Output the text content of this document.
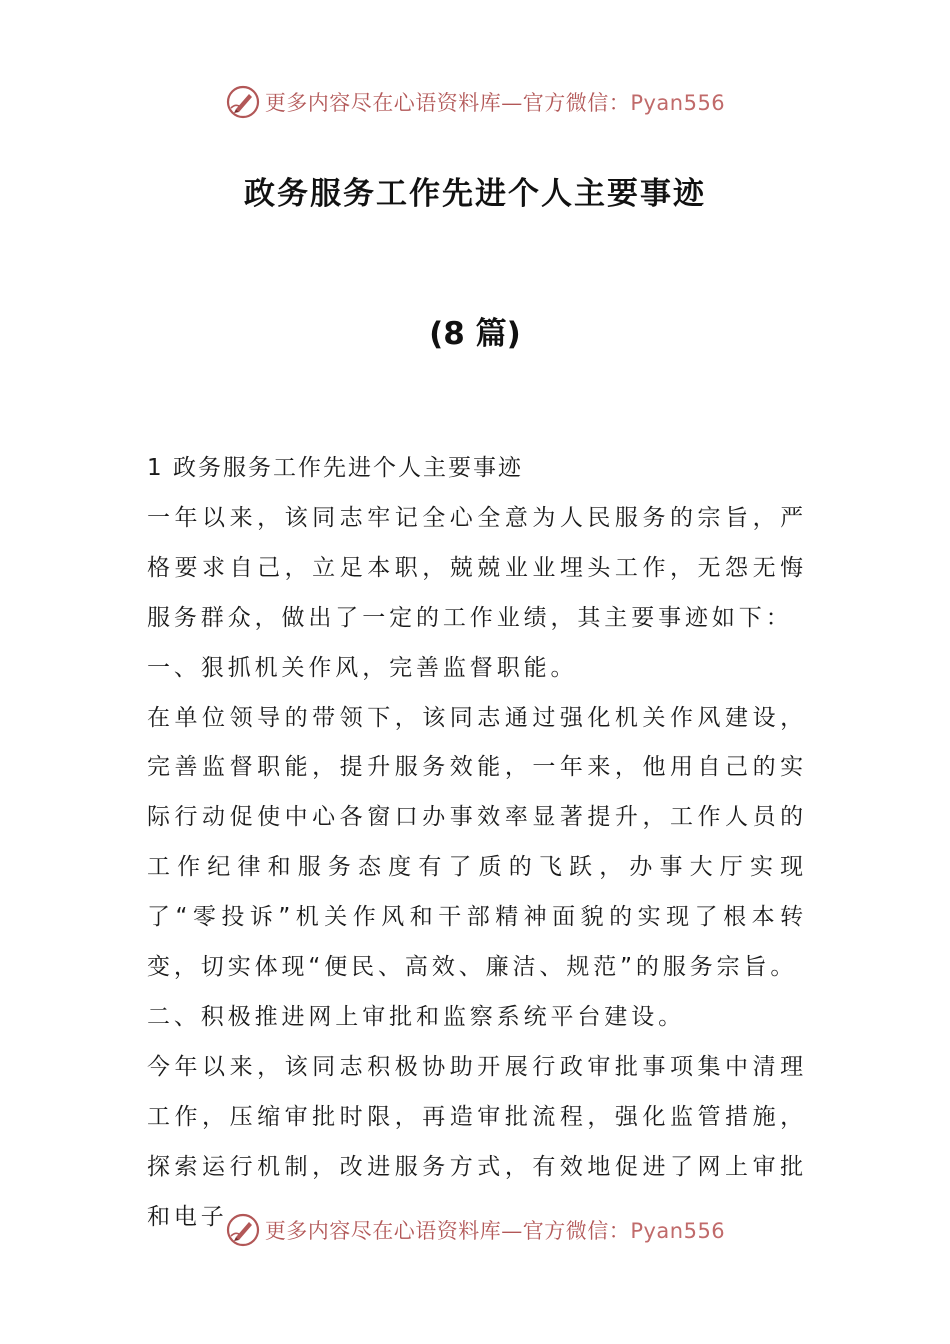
更多内容尽在心语资料库—官方微信：Pyan556
政务服务工作先进个人主要事迹
(8 篇)

1 政务服务工作先进个人主要事迹

一年以来，该同志牢记全心全意为人民服务的宗旨，严格要求自己，立足本职，兢兢业业埋头工作，无怨无悔服务群众，做出了一定的工作业绩，其主要事迹如下：

一、狠抓机关作风，完善监督职能。

在单位领导的带领下，该同志通过强化机关作风建设，完善监督职能，提升服务效能，一年来，他用自己的实际行动促使中心各窗口办事效率显著提升，工作人员的工作纪律和服务态度有了质的飞跃，办事大厅实现了“零投诉”机关作风和干部精神面貌的实现了根本转变，切实体现“便民、高效、廉洁、规范”的服务宗旨。

二、积极推进网上审批和监察系统平台建设。

今年以来，该同志积极协助开展行政审批事项集中清理工作，压缩审批时限，再造审批流程，强化监管措施，探索运行机制，改进服务方式，有效地促进了网上审批和电子

更多内容尽在心语资料库—官方微信：Pyan556
